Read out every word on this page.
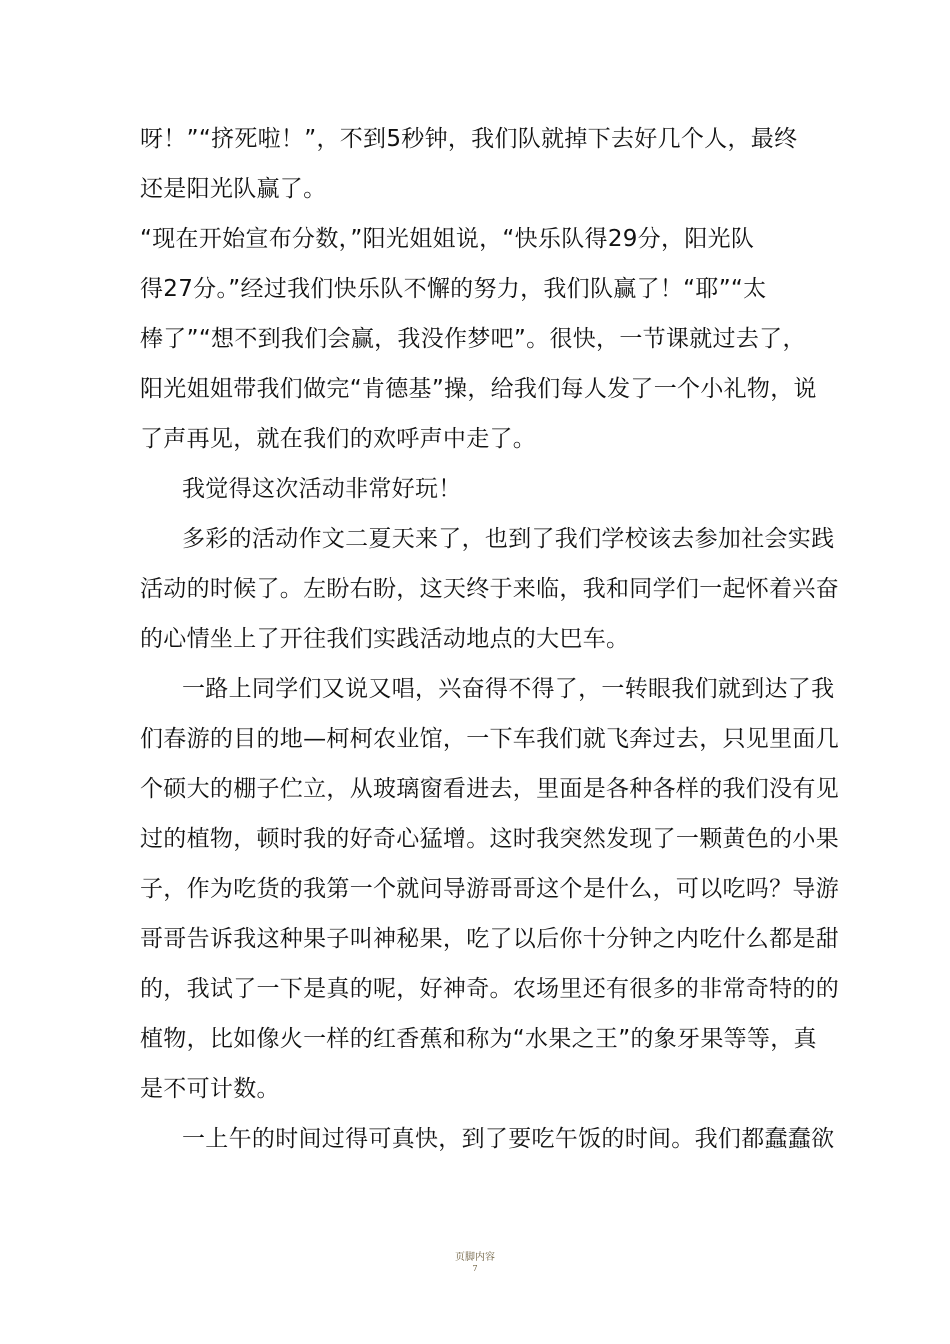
呀！”“挤死啦！”，不到5秒钟，我们队就掉下去好几个人，最终
还是阳光队赢了。
“现在开始宣布分数，”阳光姐姐说，“快乐队得29分，阳光队
得27分。”经过我们快乐队不懈的努力，我们队赢了！“耶”“太
棒了”“想不到我们会赢，我没作梦吧”。很快，一节课就过去了，
阳光姐姐带我们做完“肯德基”操，给我们每人发了一个小礼物，说
了声再见，就在我们的欢呼声中走了。
我觉得这次活动非常好玩！
多彩的活动作文二夏天来了，也到了我们学校该去参加社会实践
活动的时候了。左盼右盼，这天终于来临，我和同学们一起怀着兴奋
的心情坐上了开往我们实践活动地点的大巴车。
一路上同学们又说又唱，兴奋得不得了，一转眼我们就到达了我
们春游的目的地—柯柯农业馆，一下车我们就飞奔过去，只见里面几
个硕大的棚子伫立，从玻璃窗看进去，里面是各种各样的我们没有见
过的植物，顿时我的好奇心猛增。这时我突然发现了一颗黄色的小果
子，作为吃货的我第一个就问导游哥哥这个是什么，可以吃吗？导游
哥哥告诉我这种果子叫神秘果，吃了以后你十分钟之内吃什么都是甜
的，我试了一下是真的呢，好神奇。农场里还有很多的非常奇特的的
植物，比如像火一样的红香蕉和称为“水果之王”的象牙果等等，真
是不可计数。
一上午的时间过得可真快，到了要吃午饭的时间。我们都蠢蠢欲
页脚内容
7
